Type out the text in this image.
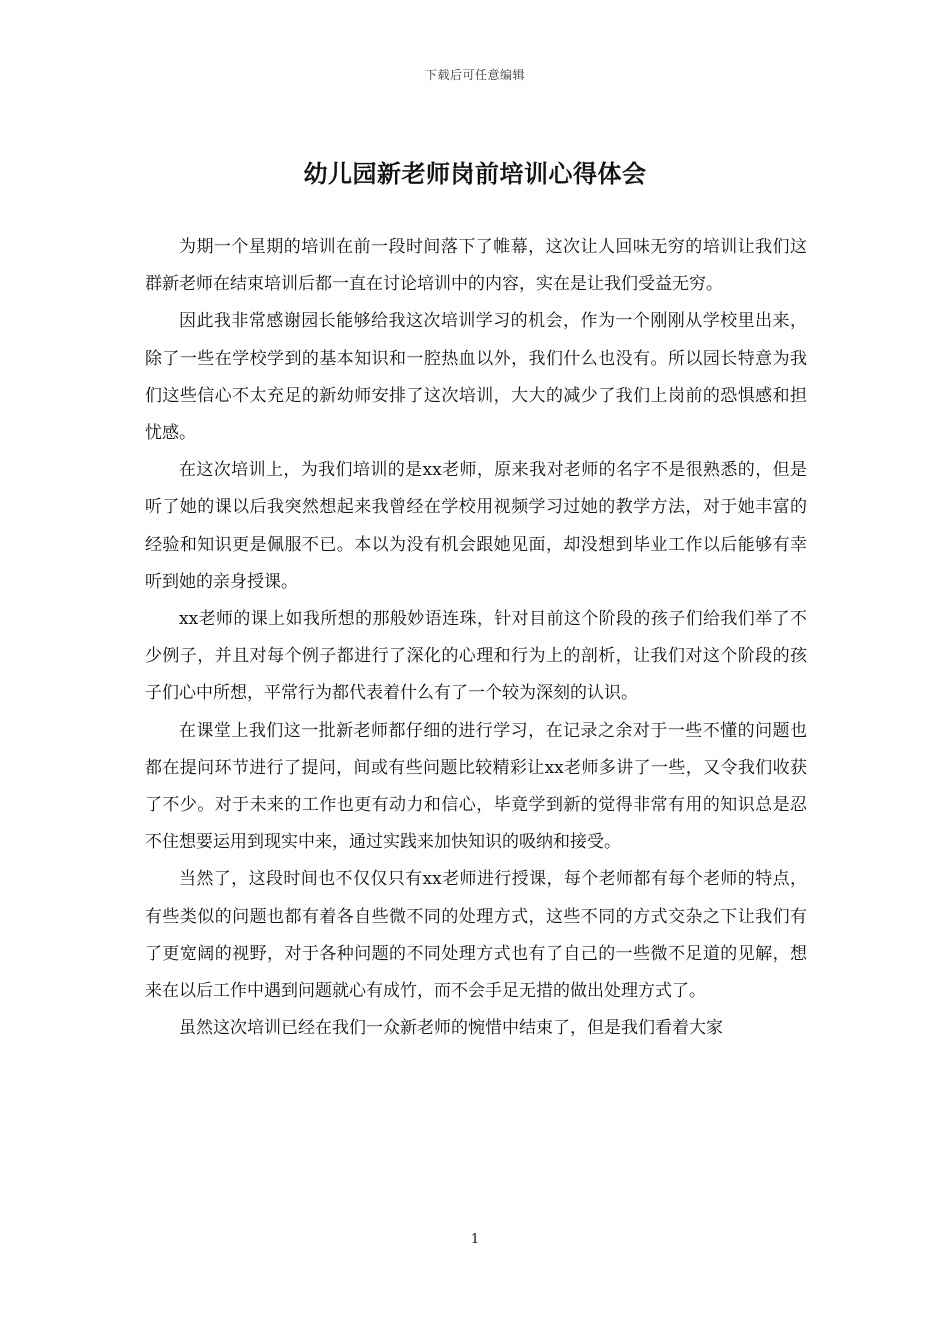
下载后可任意编辑
幼儿园新老师岗前培训心得体会

为期一个星期的培训在前一段时间落下了帷幕，这次让人回味无穷的培训让我们这群新老师在结束培训后都一直在讨论培训中的内容，实在是让我们受益无穷。

因此我非常感谢园长能够给我这次培训学习的机会，作为一个刚刚从学校里出来，除了一些在学校学到的基本知识和一腔热血以外，我们什么也没有。所以园长特意为我们这些信心不太充足的新幼师安排了这次培训，大大的减少了我们上岗前的恐惧感和担忧感。

在这次培训上，为我们培训的是xx老师，原来我对老师的名字不是很熟悉的，但是听了她的课以后我突然想起来我曾经在学校用视频学习过她的教学方法，对于她丰富的经验和知识更是佩服不已。本以为没有机会跟她见面，却没想到毕业工作以后能够有幸听到她的亲身授课。

xx老师的课上如我所想的那般妙语连珠，针对目前这个阶段的孩子们给我们举了不少例子，并且对每个例子都进行了深化的心理和行为上的剖析，让我们对这个阶段的孩子们心中所想，平常行为都代表着什么有了一个较为深刻的认识。

在课堂上我们这一批新老师都仔细的进行学习，在记录之余对于一些不懂的问题也都在提问环节进行了提问，间或有些问题比较精彩让xx老师多讲了一些，又令我们收获了不少。对于未来的工作也更有动力和信心，毕竟学到新的觉得非常有用的知识总是忍不住想要运用到现实中来，通过实践来加快知识的吸纳和接受。

当然了，这段时间也不仅仅只有xx老师进行授课，每个老师都有每个老师的特点，有些类似的问题也都有着各自些微不同的处理方式，这些不同的方式交杂之下让我们有了更宽阔的视野，对于各种问题的不同处理方式也有了自己的一些微不足道的见解，想来在以后工作中遇到问题就心有成竹，而不会手足无措的做出处理方式了。

虽然这次培训已经在我们一众新老师的惋惜中结束了，但是我们看着大家

1
